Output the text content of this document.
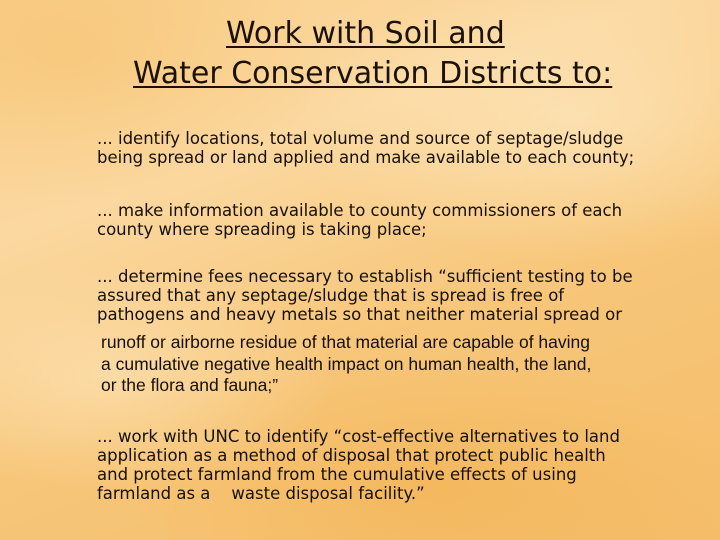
Work with Soil and
Water Conservation Districts to:
... identify locations, total volume and source of septage/sludge
being spread or land applied and make available to each county;
... make information available to county commissioners of each
county where spreading is taking place;
... determine fees necessary to establish “sufficient testing to be
assured that any septage/sludge that is spread is free of
pathogens and heavy metals so that neither material spread or
runoff or airborne residue of that material are capable of having
a cumulative negative health impact on human health, the land,
or the flora and fauna;”
... work with UNC to identify “cost-effective alternatives to land
application as a method of disposal that protect public health
and protect farmland from the cumulative effects of using
farmland as a    waste disposal facility.”
